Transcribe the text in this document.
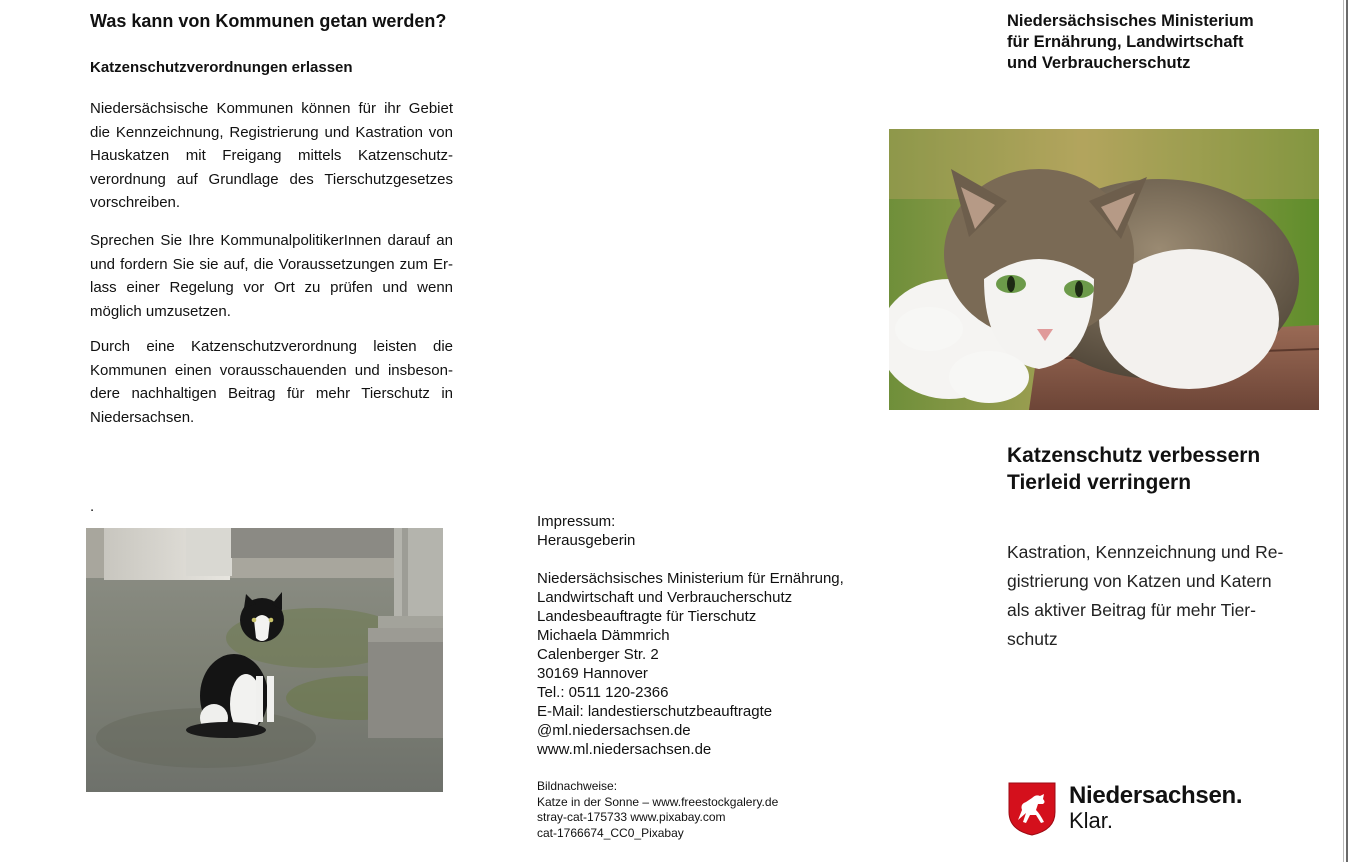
Was kann von Kommunen getan werden?
Katzenschutzverordnungen erlassen

Niedersächsische Kommunen können für ihr Gebiet die Kennzeichnung, Registrierung und Kastration von Hauskatzen mit Freigang mittels Katzenschutzverordnung auf Grundlage des Tierschutzgesetzes vorschreiben.

Sprechen Sie Ihre KommunalpolitikerInnen darauf an und fordern Sie sie auf, die Voraussetzungen zum Erlass einer Regelung vor Ort zu prüfen und wenn möglich umzusetzen.

Durch eine Katzenschutzverordnung leisten die Kommunen einen vorausschauenden und insbesondere nachhaltigen Beitrag für mehr Tierschutz in Niedersachsen.

.
Impressum:
Herausgeberin
Niedersächsisches Ministerium für Ernährung,
Landwirtschaft und Verbraucherschutz
Landesbeauftragte für Tierschutz
Michaela Dämmrich
Calenberger Str. 2
30169 Hannover
Tel.: 0511 120-2366
E-Mail: landestierschutzbeauftragte
@ml.niedersachsen.de
www.ml.niedersachsen.de
Bildnachweise:
Katze in der Sonne – www.freestockgalery.de
stray-cat-175733 www.pixabay.com
cat-1766674_CC0_Pixabay
Niedersächsisches Ministerium
für Ernährung, Landwirtschaft
und Verbraucherschutz
Katzenschutz verbessern
Tierleid verringern
Kastration, Kennzeichnung und Re-
gistrierung von Katzen und Katern
als aktiver Beitrag für mehr Tier-
schutz
Niedersachsen.
Klar.
